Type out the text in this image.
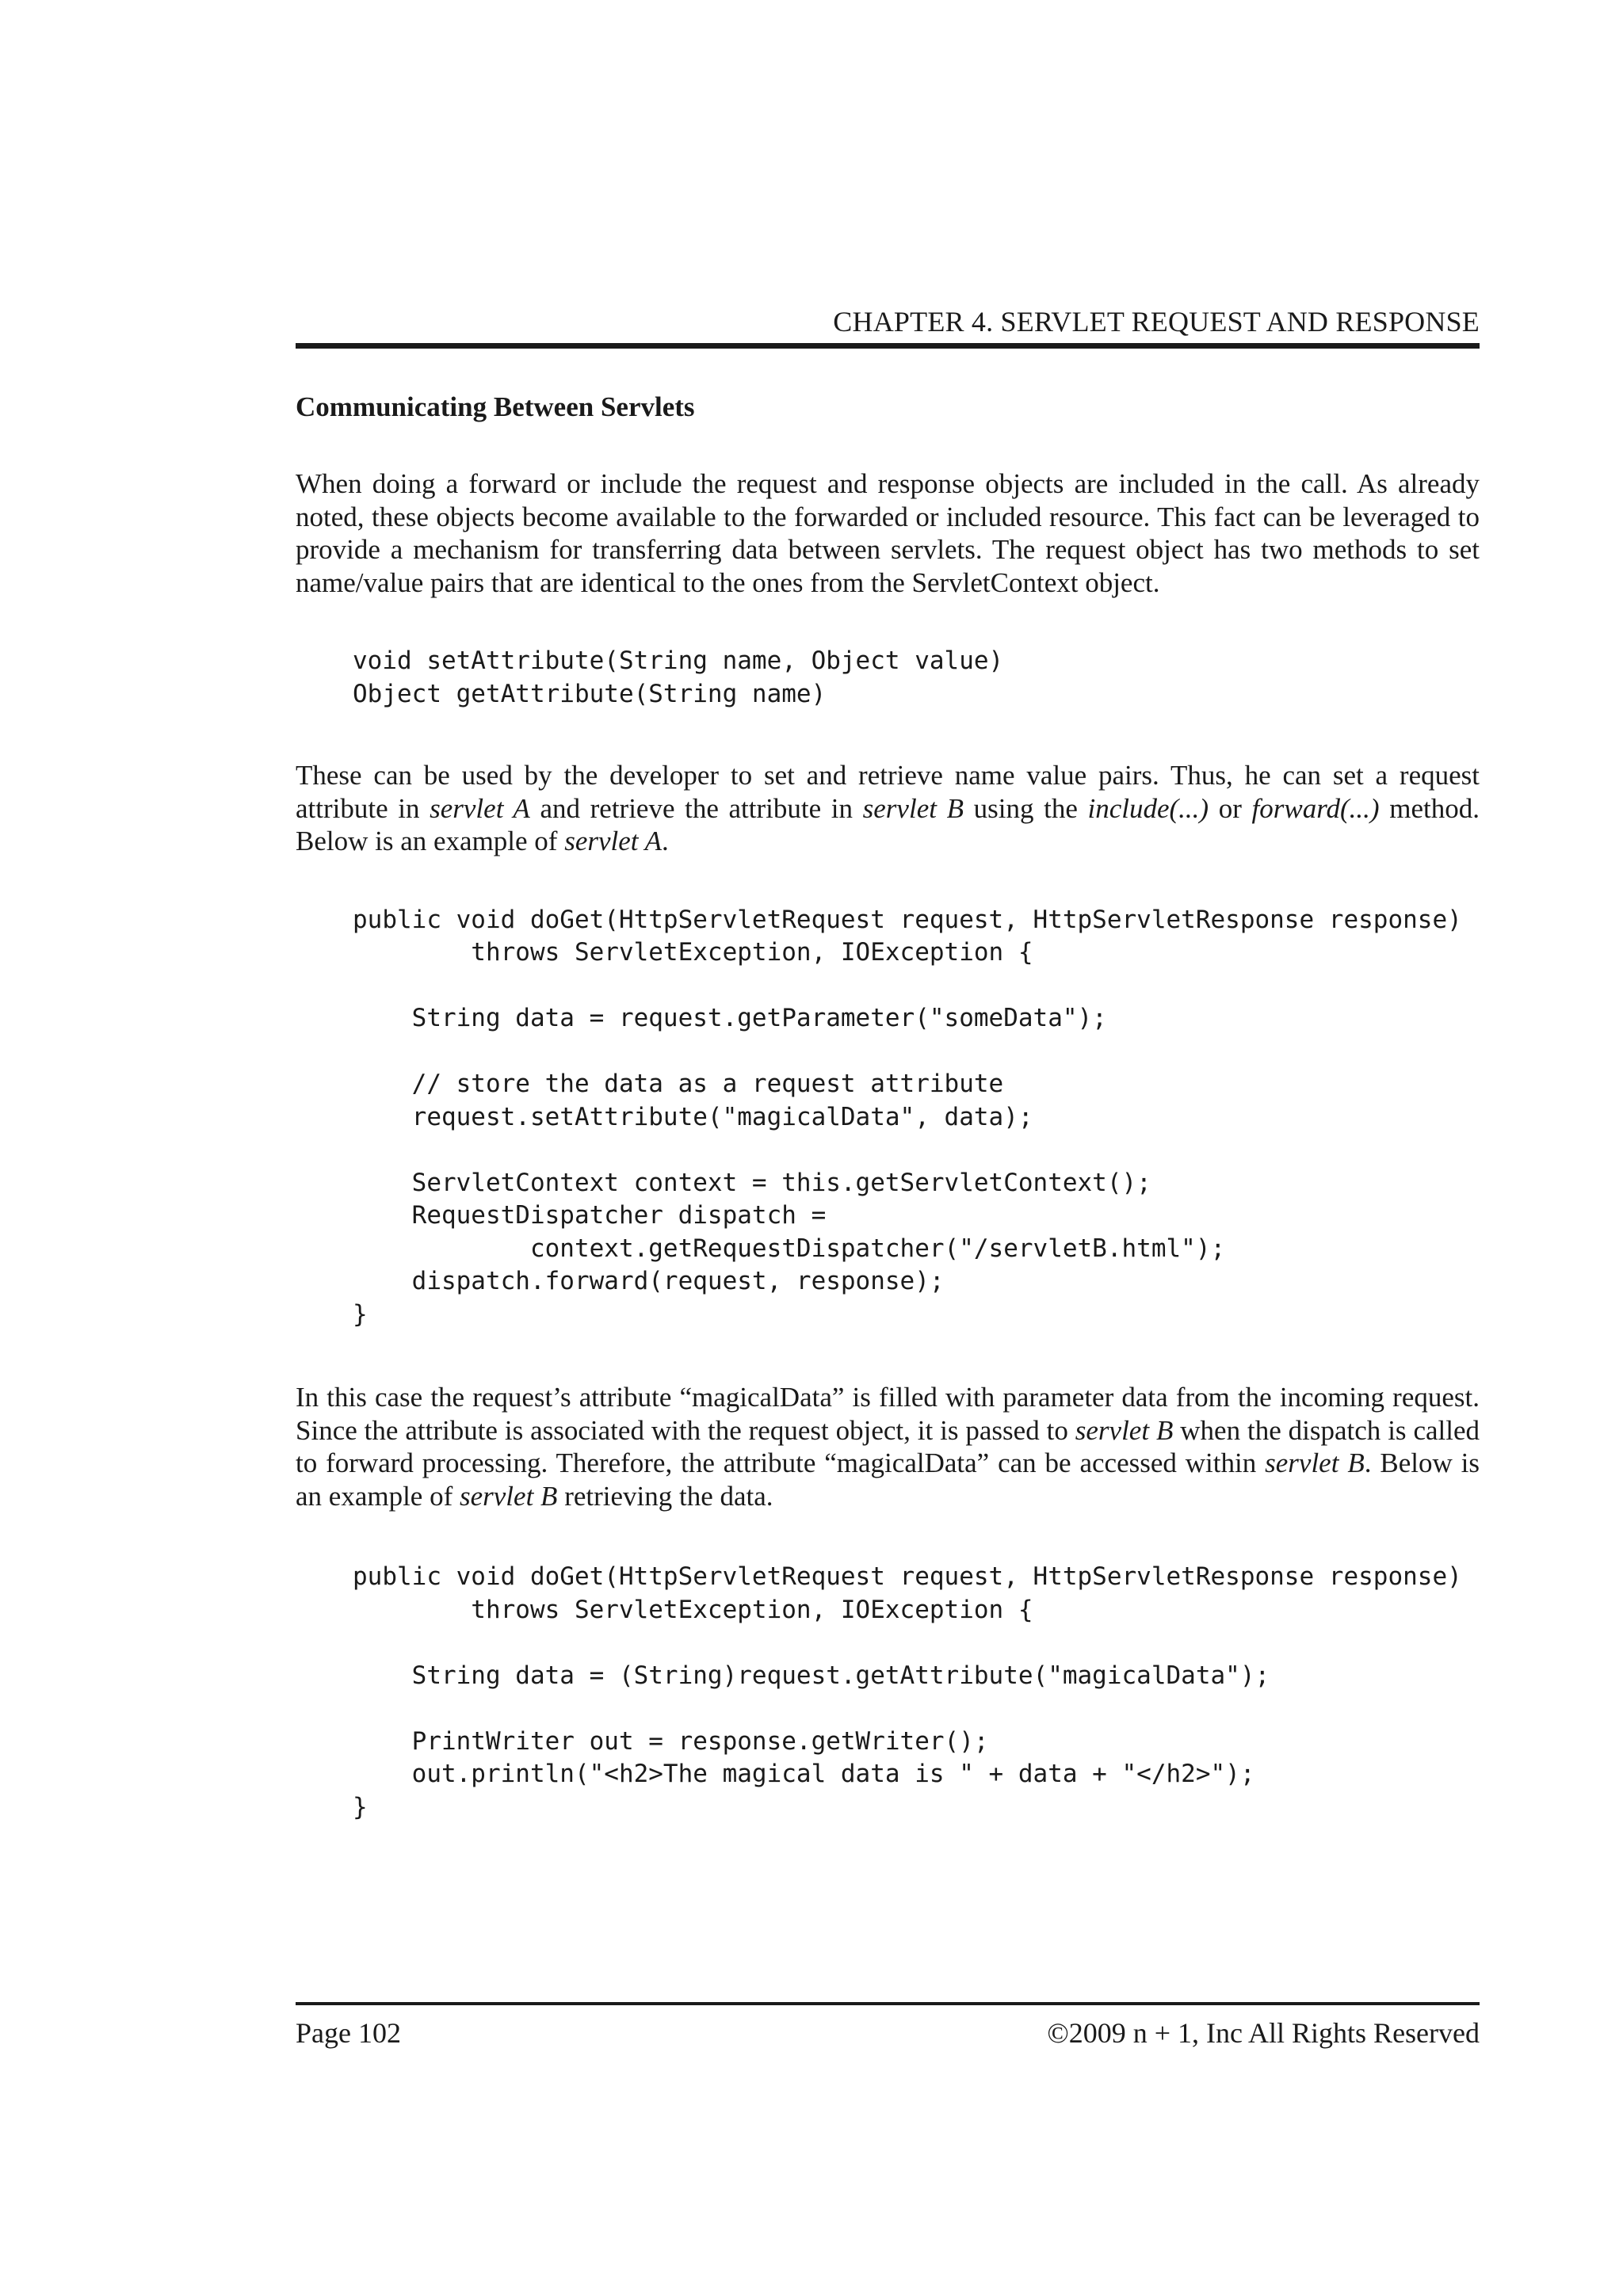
CHAPTER 4. SERVLET REQUEST AND RESPONSE
Communicating Between Servlets

When doing a forward or include the request and response objects are included in the call. As already noted, these objects become available to the forwarded or included resource. This fact can be leveraged to provide a mechanism for transferring data between servlets. The request object has two methods to set name/value pairs that are identical to the ones from the ServletContext object.

void setAttribute(String name, Object value)
Object getAttribute(String name)

These can be used by the developer to set and retrieve name value pairs. Thus, he can set a request attribute in servlet A and retrieve the attribute in servlet B using the include(...) or forward(...) method. Below is an example of servlet A.

public void doGet(HttpServletRequest request, HttpServletResponse response)
throws ServletException, IOException {

String data = request.getParameter("someData");

// store the data as a request attribute
request.setAttribute("magicalData", data);

ServletContext context = this.getServletContext();
RequestDispatcher dispatch =
context.getRequestDispatcher("/servletB.html");
dispatch.forward(request, response);
}

In this case the request’s attribute “magicalData” is filled with parameter data from the incoming request. Since the attribute is associated with the request object, it is passed to servlet B when the dispatch is called to forward processing. Therefore, the attribute “magicalData” can be accessed within servlet B. Below is an example of servlet B retrieving the data.

public void doGet(HttpServletRequest request, HttpServletResponse response)
throws ServletException, IOException {

String data = (String)request.getAttribute("magicalData");

PrintWriter out = response.getWriter();
out.println("<h2>The magical data is " + data + "</h2>");
}
Page 102	©2009 n + 1, Inc All Rights Reserved
